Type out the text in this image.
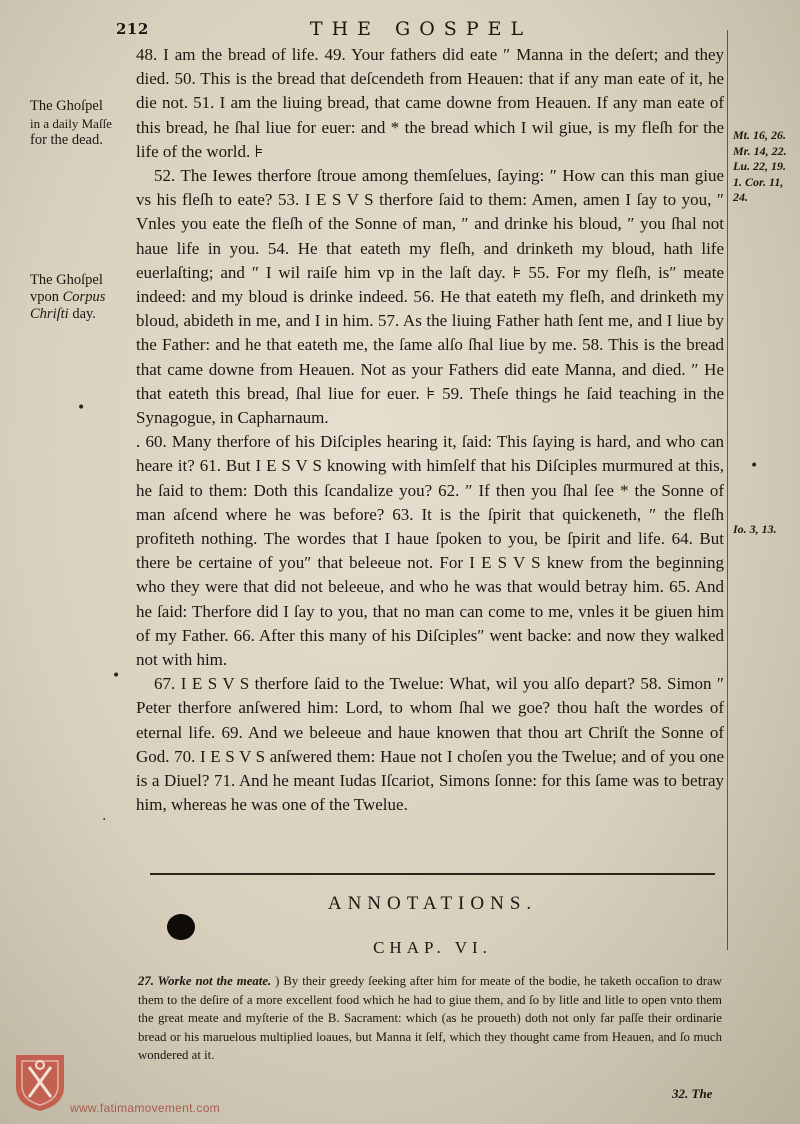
212	THE GOSPEL
The Ghoſpel
in a daily Maſſe
for the dead.
The Ghoſpel
vpon Corpus
Chriſti day.
Mt. 16, 26. Mr. 14, 22. Lu. 22, 19. 1. Cor. 11, 24.
Io. 3, 13.
•
•
•
.

48. I am the bread of life. 49. Your fathers did eate ″ Manna in the deſert; and they died. 50. This is the bread that deſcendeth from Heauen: that if any man eate of it, he die not. 51. I am the liuing bread, that came downe from Heauen. If any man eate of this bread, he ſhal liue for euer: and * the bread which I wil giue, is my fleſh for the life of the world. ⊧

52. The Iewes therfore ſtroue among themſelues, ſaying: ″ How can this man giue vs his fleſh to eate? 53. I E S V S therfore ſaid to them: Amen, amen I ſay to you, ″ Vnles you eate the fleſh of the Sonne of man, ″ and drinke his bloud, ″ you ſhal not haue life in you. 54. He that eateth my fleſh, and drinketh my bloud, hath life euerlaſting; and ″ I wil raiſe him vp in the laſt day. ⊧ 55. For my fleſh, is″ meate indeed: and my bloud is drinke indeed. 56. He that eateth my fleſh, and drinketh my bloud, abideth in me, and I in him. 57. As the liuing Father hath ſent me, and I liue by the Father: and he that eateth me, the ſame alſo ſhal liue by me. 58. This is the bread that came downe from Heauen. Not as your Fathers did eate Manna, and died. ″ He that eateth this bread, ſhal liue for euer. ⊧ 59. Theſe things he ſaid teaching in the Synagogue, in Capharnaum.

. 60. Many therfore of his Diſciples hearing it, ſaid: This ſaying is hard, and who can heare it? 61. But I E S V S knowing with himſelf that his Diſciples murmured at this, he ſaid to them: Doth this ſcandalize you? 62. ″ If then you ſhal ſee * the Sonne of man aſcend where he was before? 63. It is the ſpirit that quickeneth, ″ the fleſh profiteth nothing. The wordes that I haue ſpoken to you, be ſpirit and life. 64. But there be certaine of you″ that beleeue not. For I E S V S knew from the beginning who they were that did not beleeue, and who he was that would betray him. 65. And he ſaid: Therfore did I ſay to you, that no man can come to me, vnles it be giuen him of my Father. 66. After this many of his Diſciples″ went backe: and now they walked not with him.

67. I E S V S therfore ſaid to the Twelue: What, wil you alſo depart? 58. Simon ″ Peter therfore anſwered him: Lord, to whom ſhal we goe? thou haſt the wordes of eternal life. 69. And we beleeue and haue knowen that thou art Chriſt the Sonne of God. 70. I E S V S anſwered them: Haue not I choſen you the Twelue; and of you one is a Diuel? 71. And he meant Iudas Iſcariot, Simons ſonne: for this ſame was to betray him, whereas he was one of the Twelue.

ANNOTATIONS.
CHAP. VI.
27. Worke not the meate. ) By their greedy ſeeking after him for meate of the bodie, he taketh occaſion to draw them to the deſire of a more excellent food which he had to giue them, and ſo by litle and litle to open vnto them the great meate and myſterie of the B. Sacrament: which (as he proueth) doth not only far paſſe their ordinarie bread or his maruelous multiplied loaues, but Manna it ſelf, which they thought came from Heauen, and ſo much wondered at it.
32. The
www.fatimamovement.com
